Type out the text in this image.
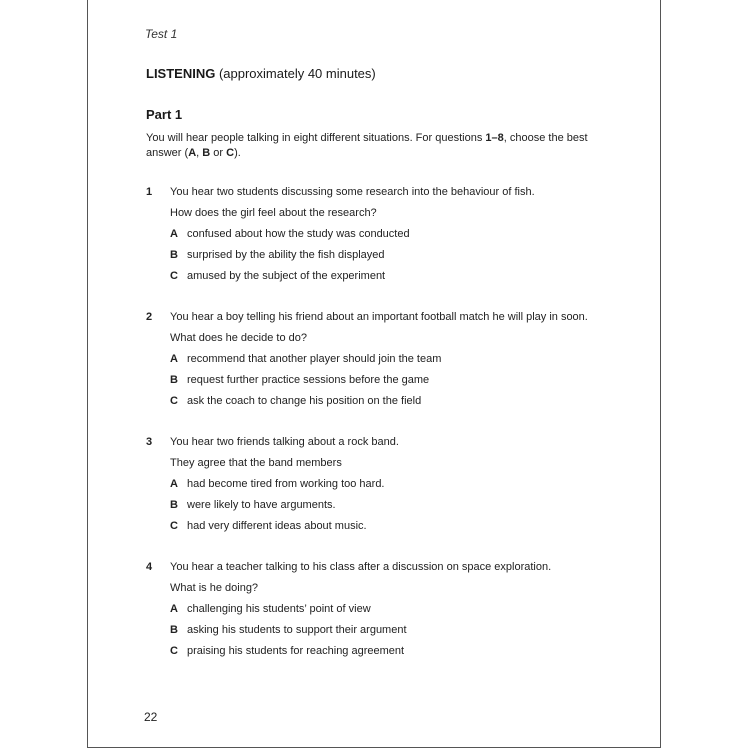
Test 1
LISTENING (approximately 40 minutes)
Part 1
You will hear people talking in eight different situations. For questions 1–8, choose the best answer (A, B or C).
1	You hear two students discussing some research into the behaviour of fish.
How does the girl feel about the research?
A confused about how the study was conducted
B surprised by the ability the fish displayed
C amused by the subject of the experiment
2	You hear a boy telling his friend about an important football match he will play in soon.
What does he decide to do?
A recommend that another player should join the team
B request further practice sessions before the game
C ask the coach to change his position on the field
3	You hear two friends talking about a rock band.
They agree that the band members
A had become tired from working too hard.
B were likely to have arguments.
C had very different ideas about music.
4	You hear a teacher talking to his class after a discussion on space exploration.
What is he doing?
A challenging his students’ point of view
B asking his students to support their argument
C praising his students for reaching agreement
22
